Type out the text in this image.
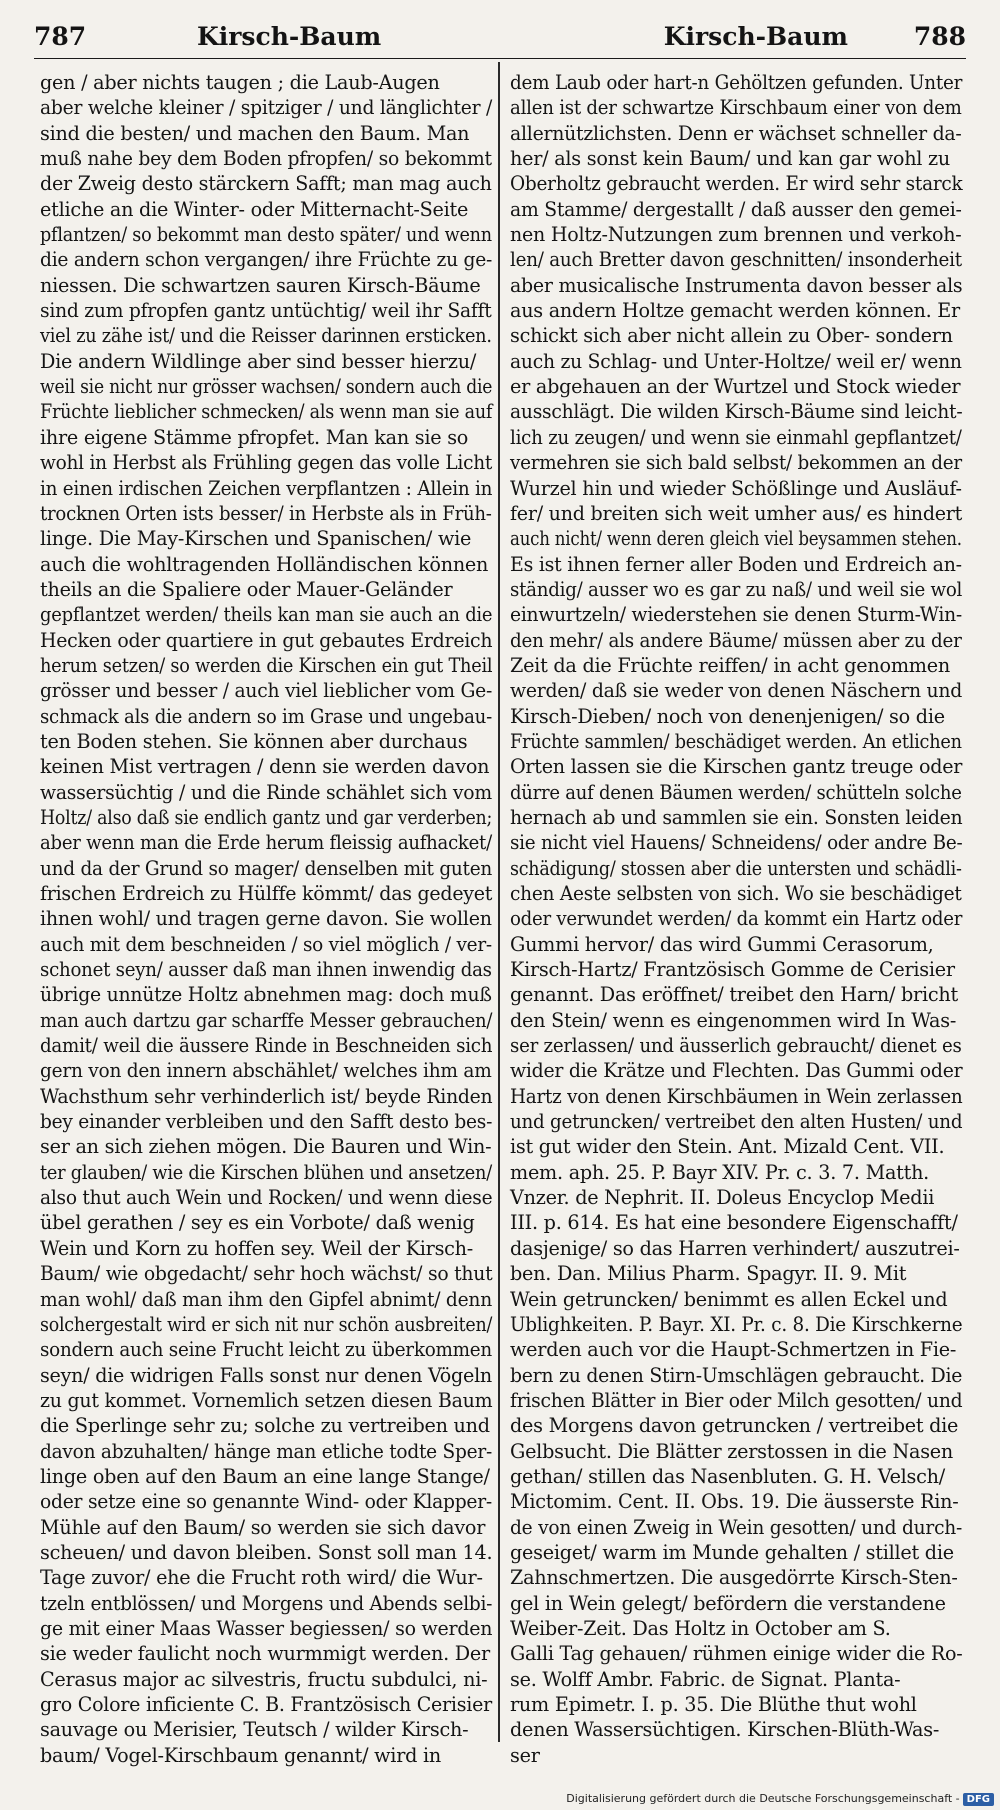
787	Kirsch-Baum	Kirsch-Baum	788
gen / aber nichts taugen ; die Laub-Augen
aber welche kleiner / spitziger / und länglichter /
sind die besten/ und machen den Baum. Man
muß nahe bey dem Boden pfropfen/ so bekommt
der Zweig desto stärckern Safft; man mag auch
etliche an die Winter- oder Mitternacht-Seite
pflantzen/ so bekommt man desto später/ und wenn
die andern schon vergangen/ ihre Früchte zu ge-
niessen. Die schwartzen sauren Kirsch-Bäume
sind zum pfropfen gantz untüchtig/ weil ihr Safft
viel zu zähe ist/ und die Reisser darinnen ersticken.
Die andern Wildlinge aber sind besser hierzu/
weil sie nicht nur grösser wachsen/ sondern auch die
Früchte lieblicher schmecken/ als wenn man sie auf
ihre eigene Stämme pfropfet. Man kan sie so
wohl in Herbst als Frühling gegen das volle Licht
in einen irdischen Zeichen verpflantzen : Allein in
trocknen Orten ists besser/ in Herbste als in Früh-
linge. Die May-Kirschen und Spanischen/ wie
auch die wohltragenden Holländischen können
theils an die Spaliere oder Mauer-Geländer
gepflantzet werden/ theils kan man sie auch an die
Hecken oder quartiere in gut gebautes Erdreich
herum setzen/ so werden die Kirschen ein gut Theil
grösser und besser / auch viel lieblicher vom Ge-
schmack als die andern so im Grase und ungebau-
ten Boden stehen. Sie können aber durchaus
keinen Mist vertragen / denn sie werden davon
wassersüchtig / und die Rinde schählet sich vom
Holtz/ also daß sie endlich gantz und gar verderben;
aber wenn man die Erde herum fleissig aufhacket/
und da der Grund so mager/ denselben mit guten
frischen Erdreich zu Hülffe kömmt/ das gedeyet
ihnen wohl/ und tragen gerne davon. Sie wollen
auch mit dem beschneiden / so viel möglich / ver-
schonet seyn/ ausser daß man ihnen inwendig das
übrige unnütze Holtz abnehmen mag: doch muß
man auch dartzu gar scharffe Messer gebrauchen/
damit/ weil die äussere Rinde in Beschneiden sich
gern von den innern abschählet/ welches ihm am
Wachsthum sehr verhinderlich ist/ beyde Rinden
bey einander verbleiben und den Safft desto bes-
ser an sich ziehen mögen. Die Bauren und Win-
ter glauben/ wie die Kirschen blühen und ansetzen/
also thut auch Wein und Rocken/ und wenn diese
übel gerathen / sey es ein Vorbote/ daß wenig
Wein und Korn zu hoffen sey. Weil der Kirsch-
Baum/ wie obgedacht/ sehr hoch wächst/ so thut
man wohl/ daß man ihm den Gipfel abnimt/ denn
solchergestalt wird er sich nit nur schön ausbreiten/
sondern auch seine Frucht leicht zu überkommen
seyn/ die widrigen Falls sonst nur denen Vögeln
zu gut kommet. Vornemlich setzen diesen Baum
die Sperlinge sehr zu; solche zu vertreiben und
davon abzuhalten/ hänge man etliche todte Sper-
linge oben auf den Baum an eine lange Stange/
oder setze eine so genannte Wind- oder Klapper-
Mühle auf den Baum/ so werden sie sich davor
scheuen/ und davon bleiben. Sonst soll man 14.
Tage zuvor/ ehe die Frucht roth wird/ die Wur-
tzeln entblössen/ und Morgens und Abends selbi-
ge mit einer Maas Wasser begiessen/ so werden
sie weder faulicht noch wurmmigt werden. Der
Cerasus major ac silvestris, fructu subdulci, ni-
gro Colore inficiente C. B. Frantzösisch Cerisier
sauvage ou Merisier, Teutsch / wilder Kirsch-
baum/ Vogel-Kirschbaum genannt/ wird in
dem Laub oder hart-n Gehöltzen gefunden. Unter
allen ist der schwartze Kirschbaum einer von dem
allernützlichsten. Denn er wächset schneller da-
her/ als sonst kein Baum/ und kan gar wohl zu
Oberholtz gebraucht werden. Er wird sehr starck
am Stamme/ dergestallt / daß ausser den gemei-
nen Holtz-Nutzungen zum brennen und verkoh-
len/ auch Bretter davon geschnitten/ insonderheit
aber musicalische Instrumenta davon besser als
aus andern Holtze gemacht werden können. Er
schickt sich aber nicht allein zu Ober- sondern
auch zu Schlag- und Unter-Holtze/ weil er/ wenn
er abgehauen an der Wurtzel und Stock wieder
ausschlägt. Die wilden Kirsch-Bäume sind leicht-
lich zu zeugen/ und wenn sie einmahl gepflantzet/
vermehren sie sich bald selbst/ bekommen an der
Wurzel hin und wieder Schößlinge und Ausläuf-
fer/ und breiten sich weit umher aus/ es hindert
auch nicht/ wenn deren gleich viel beysammen stehen.
Es ist ihnen ferner aller Boden und Erdreich an-
ständig/ ausser wo es gar zu naß/ und weil sie wol
einwurtzeln/ wiederstehen sie denen Sturm-Win-
den mehr/ als andere Bäume/ müssen aber zu der
Zeit da die Früchte reiffen/ in acht genommen
werden/ daß sie weder von denen Näschern und
Kirsch-Dieben/ noch von denenjenigen/ so die
Früchte sammlen/ beschädiget werden. An etlichen
Orten lassen sie die Kirschen gantz treuge oder
dürre auf denen Bäumen werden/ schütteln solche
hernach ab und sammlen sie ein. Sonsten leiden
sie nicht viel Hauens/ Schneidens/ oder andre Be-
schädigung/ stossen aber die untersten und schädli-
chen Aeste selbsten von sich. Wo sie beschädiget
oder verwundet werden/ da kommt ein Hartz oder
Gummi hervor/ das wird Gummi Cerasorum,
Kirsch-Hartz/ Frantzösisch Gomme de Cerisier
genannt. Das eröffnet/ treibet den Harn/ bricht
den Stein/ wenn es eingenommen wird In Was-
ser zerlassen/ und äusserlich gebraucht/ dienet es
wider die Krätze und Flechten. Das Gummi oder
Hartz von denen Kirschbäumen in Wein zerlassen
und getruncken/ vertreibet den alten Husten/ und
ist gut wider den Stein. Ant. Mizald Cent. VII.
mem. aph. 25. P. Bayr XIV. Pr. c. 3. 7. Matth.
Vnzer. de Nephrit. II. Doleus Encyclop Medii
III. p. 614. Es hat eine besondere Eigenschafft/
dasjenige/ so das Harren verhindert/ auszutrei-
ben. Dan. Milius Pharm. Spagyr. II. 9. Mit
Wein getruncken/ benimmt es allen Eckel und
Ublighkeiten. P. Bayr. XI. Pr. c. 8. Die Kirschkerne
werden auch vor die Haupt-Schmertzen in Fie-
bern zu denen Stirn-Umschlägen gebraucht. Die
frischen Blätter in Bier oder Milch gesotten/ und
des Morgens davon getruncken / vertreibet die
Gelbsucht. Die Blätter zerstossen in die Nasen
gethan/ stillen das Nasenbluten. G. H. Velsch/
Mictomim. Cent. II. Obs. 19. Die äusserste Rin-
de von einen Zweig in Wein gesotten/ und durch-
geseiget/ warm im Munde gehalten / stillet die
Zahnschmertzen. Die ausgedörrte Kirsch-Sten-
gel in Wein gelegt/ befördern die verstandene
Weiber-Zeit. Das Holtz in October am S.
Galli Tag gehauen/ rühmen einige wider die Ro-
se. Wolff Ambr. Fabric. de Signat. Planta-
rum Epimetr. I. p. 35. Die Blüthe thut wohl
denen Wassersüchtigen. Kirschen-Blüth-Was-
ser
Digitalisierung gefördert durch die Deutsche Forschungsgemeinschaft - DFG
